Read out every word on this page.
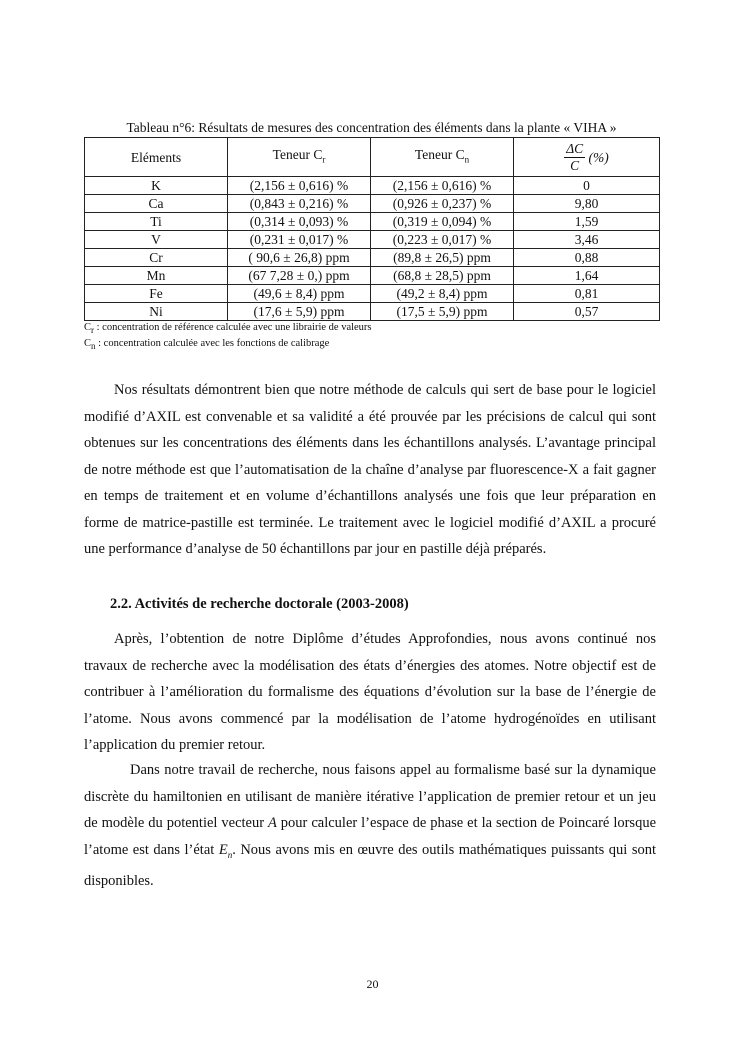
Tableau n°6: Résultats de mesures des concentration des éléments dans la plante « VIHA »
Eléments	Teneur $C_r$	Teneur $C_n$	$\frac{\Delta C}{C}$ (%)
K	(2,156 ± 0,616) %	(2,156 ± 0,616) %	0
Ca	(0,843 ± 0,216) %	(0,926 ± 0,237) %	9,80
Ti	(0,314 ± 0,093) %	(0,319 ± 0,094) %	1,59
V	(0,231 ± 0,017) %	(0,223 ± 0,017) %	3,46
Cr	( 90,6 ± 26,8) ppm	(89,8 ± 26,5) ppm	0,88
Mn	(67 7,28 ± 0,) ppm	(68,8 ± 28,5) ppm	1,64
Fe	(49,6 ± 8,4) ppm	(49,2 ± 8,4) ppm	0,81
Ni	(17,6 ± 5,9) ppm	(17,5 ± 5,9) ppm	0,57
$C_r$ : concentration de référence calculée avec une librairie de valeurs
$C_n$ : concentration calculée avec les fonctions de calibrage

Nos résultats démontrent bien que notre méthode de calculs qui sert de base pour le logiciel modifié d’AXIL est convenable et sa validité a été prouvée par les précisions de calcul qui sont obtenues sur les concentrations des éléments dans les échantillons analysés. L’avantage principal de notre méthode est que l’automatisation de la chaîne d’analyse par fluorescence-X a fait gagner en temps de traitement et en volume d’échantillons analysés une fois que leur préparation en forme de matrice-pastille est terminée. Le traitement avec le logiciel modifié d’AXIL a procuré une performance d’analyse de 50 échantillons par jour en pastille déjà préparés.

2.2. Activités de recherche doctorale (2003-2008)

Après, l’obtention de notre Diplôme d’études Approfondies, nous avons continué nos travaux de recherche avec la modélisation des états d’énergies des atomes. Notre objectif est de contribuer à l’amélioration du formalisme des équations d’évolution sur la base de l’énergie de l’atome. Nous avons commencé par la modélisation de l’atome hydrogénoïdes en utilisant l’application du premier retour.

Dans notre travail de recherche, nous faisons appel au formalisme basé sur la dynamique discrète du hamiltonien en utilisant de manière itérative l’application de premier retour et un jeu de modèle du potentiel vecteur → A pour calculer l’espace de phase et la section de Poincaré lorsque l’atome est dans l’état $E_n$. Nous avons mis en œuvre des outils mathématiques puissants qui sont disponibles.

20
